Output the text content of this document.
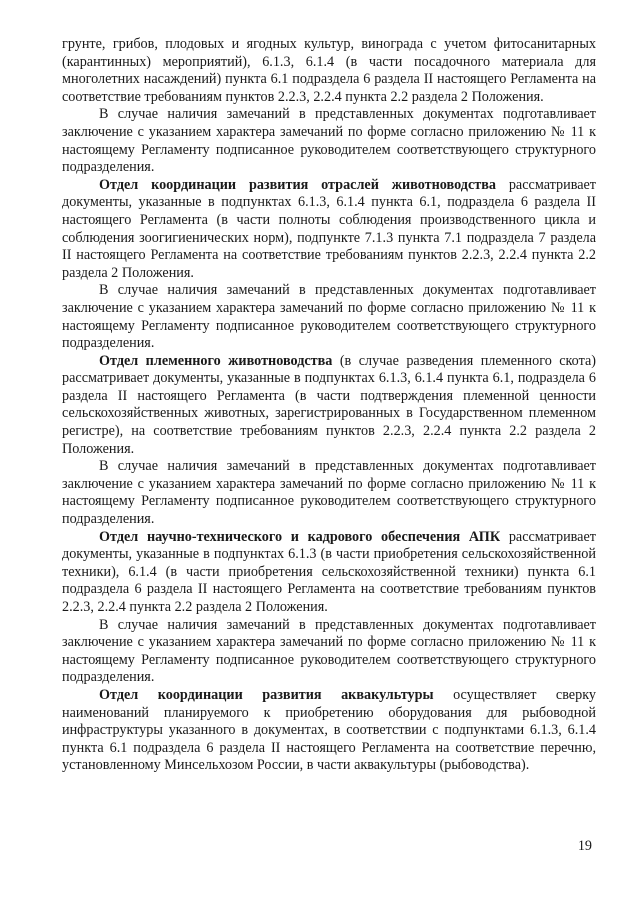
грунте, грибов, плодовых и ягодных культур, винограда с учетом фитосанитарных (карантинных) мероприятий), 6.1.3, 6.1.4 (в части посадочного материала для многолетних насаждений) пункта 6.1 подраздела 6 раздела II настоящего Регламента на соответствие требованиям пунктов 2.2.3, 2.2.4 пункта 2.2 раздела 2 Положения.

В случае наличия замечаний в представленных документах подготавливает заключение с указанием характера замечаний по форме согласно приложению № 11 к настоящему Регламенту подписанное руководителем соответствующего структурного подразделения.

Отдел координации развития отраслей животноводства рассматривает документы, указанные в подпунктах 6.1.3, 6.1.4 пункта 6.1, подраздела 6 раздела II настоящего Регламента (в части полноты соблюдения производственного цикла и соблюдения зоогигиенических норм), подпункте 7.1.3 пункта 7.1 подраздела 7 раздела II настоящего Регламента на соответствие требованиям пунктов 2.2.3, 2.2.4 пункта 2.2 раздела 2 Положения.

В случае наличия замечаний в представленных документах подготавливает заключение с указанием характера замечаний по форме согласно приложению № 11 к настоящему Регламенту подписанное руководителем соответствующего структурного подразделения.

Отдел племенного животноводства (в случае разведения племенного скота) рассматривает документы, указанные в подпунктах 6.1.3, 6.1.4 пункта 6.1, подраздела 6 раздела II настоящего Регламента (в части подтверждения племенной ценности сельскохозяйственных животных, зарегистрированных в Государственном племенном регистре), на соответствие требованиям пунктов 2.2.3, 2.2.4 пункта 2.2 раздела 2 Положения.

В случае наличия замечаний в представленных документах подготавливает заключение с указанием характера замечаний по форме согласно приложению № 11 к настоящему Регламенту подписанное руководителем соответствующего структурного подразделения.

Отдел научно-технического и кадрового обеспечения АПК рассматривает документы, указанные в подпунктах 6.1.3 (в части приобретения сельскохозяйственной техники), 6.1.4 (в части приобретения сельскохозяйственной техники) пункта 6.1 подраздела 6 раздела II настоящего Регламента на соответствие требованиям пунктов 2.2.3, 2.2.4 пункта 2.2 раздела 2 Положения.

В случае наличия замечаний в представленных документах подготавливает заключение с указанием характера замечаний по форме согласно приложению № 11 к настоящему Регламенту подписанное руководителем соответствующего структурного подразделения.

Отдел координации развития аквакультуры осуществляет сверку наименований планируемого к приобретению оборудования для рыбоводной инфраструктуры указанного в документах, в соответствии с подпунктами 6.1.3, 6.1.4 пункта 6.1 подраздела 6 раздела II настоящего Регламента на соответствие перечню, установленному Минсельхозом России, в части аквакультуры (рыбоводства).

19
